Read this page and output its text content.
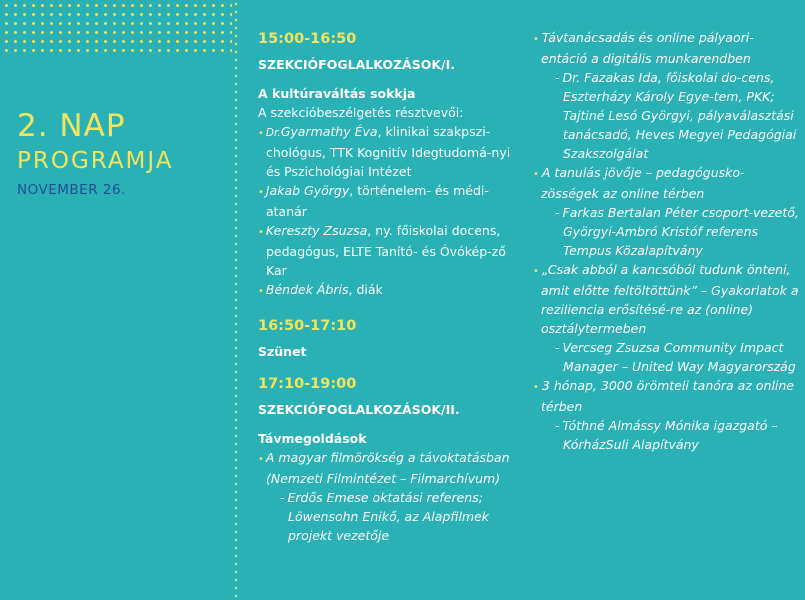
2. NAP
PROGRAMJA
NOVEMBER 26.
15:00-16:50
SZEKCIÓFOGLALKOZÁSOK/I.
A kultúraváltás sokkja
A szekcióbeszélgetés résztvevői:
• Dr.Gyarmathy Éva, klinikai szakpszi-chológus, TTK Kognitív Idegtudomá-nyi és Pszichológiai Intézet
• Jakab György, történelem- és médi-atanár
• Kereszty Zsuzsa, ny. főiskolai docens, pedagógus, ELTE Tanító- és Óvókép-ző Kar
• Béndek Ábris, diák
16:50-17:10
Szünet
17:10-19:00
SZEKCIÓFOGLALKOZÁSOK/II.
Távmegoldások
• A magyar filmörökség a távoktatásban (Nemzeti Filmintézet – Filmarchívum)
- Erdős Emese oktatási referens; Löwensohn Enikő, az Alapfilmek projekt vezetője
• Távtanácsadás és online pályaori-entáció a digitális munkarendben
- Dr. Fazakas Ida, főiskolai do-cens, Eszterházy Károly Egye-tem, PKK; Tajtiné Lesó Györgyi, pályaválasztási tanácsadó, Heves Megyei Pedagógiai Szakszolgálat
• A tanulás jövője – pedagógusko-zösségek az online térben
- Farkas Bertalan Péter csoport-vezető, Györgyi-Ambró Kristóf referens Tempus Közalapítvány
• „Csak abból a kancsóból tudunk önteni, amit előtte feltöltöttünk” – Gyakorlatok a reziliencia erősítésé-re az (online) osztálytermeben
- Vercseg Zsuzsa Community Impact Manager – United Way Magyarország
• 3 hónap, 3000 örömteli tanóra az online térben
- Tóthné Almássy Mónika igazgató – KórházSuli Alapítvány
